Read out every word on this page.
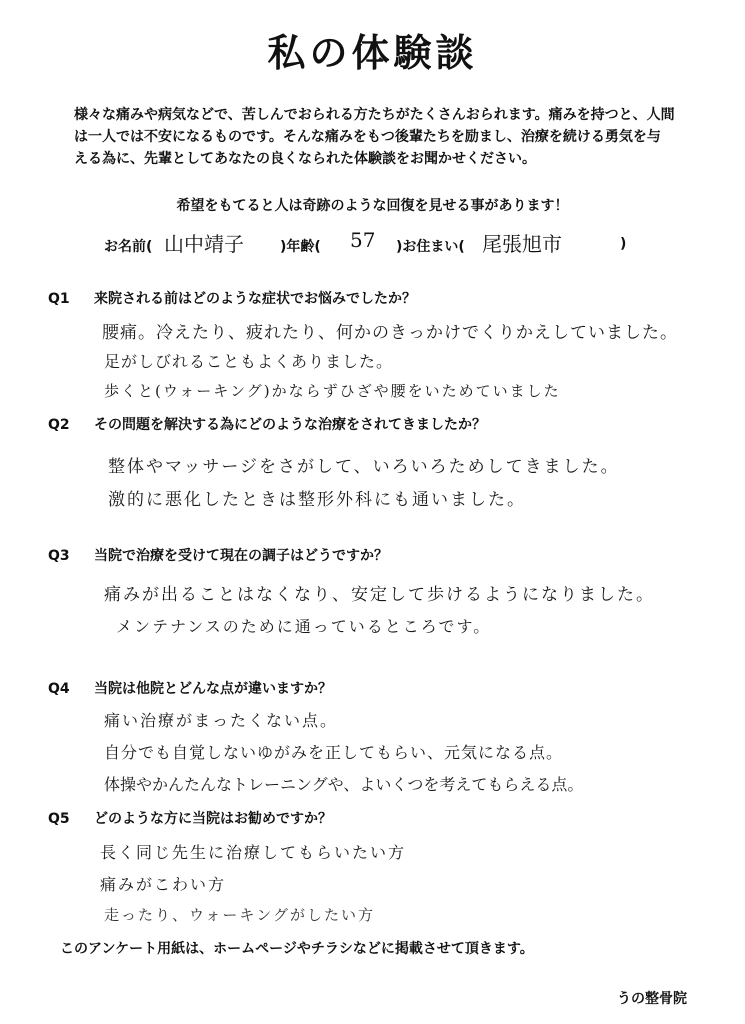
私の体験談
様々な痛みや病気などで、苦しんでおられる方たちがたくさんおられます。痛みを持つと、人間
は一人では不安になるものです。そんな痛みをもつ後輩たちを励まし、治療を続ける勇気を与
える為に、先輩としてあなたの良くなられた体験談をお聞かせください。
希望をもてると人は奇跡のような回復を見せる事があります！
お名前( 山中靖子	)年齢( 57 )お住まい( 尾張旭市	)
Q1 来院される前はどのような症状でお悩みでしたか？
腰痛。冷えたり、疲れたり、何かのきっかけでくりかえしていました。
足がしびれることもよくありました。
歩くと(ウォーキング)かならずひざや腰をいためていました
Q2 その問題を解決する為にどのような治療をされてきましたか？
整体やマッサージをさがして、いろいろためしてきました。
激的に悪化したときは整形外科にも通いました。
Q3 当院で治療を受けて現在の調子はどうですか？
痛みが出ることはなくなり、安定して歩けるようになりました。
メンテナンスのために通っているところです。
Q4 当院は他院とどんな点が違いますか？
痛い治療がまったくない点。
自分でも自覚しないゆがみを正してもらい、元気になる点。
体操やかんたんなトレーニングや、よいくつを考えてもらえる点。
Q5 どのような方に当院はお勧めですか？
長く同じ先生に治療してもらいたい方
痛みがこわい方
走ったり、ウォーキングがしたい方
このアンケート用紙は、ホームページやチラシなどに掲載させて頂きます。
うの整骨院
